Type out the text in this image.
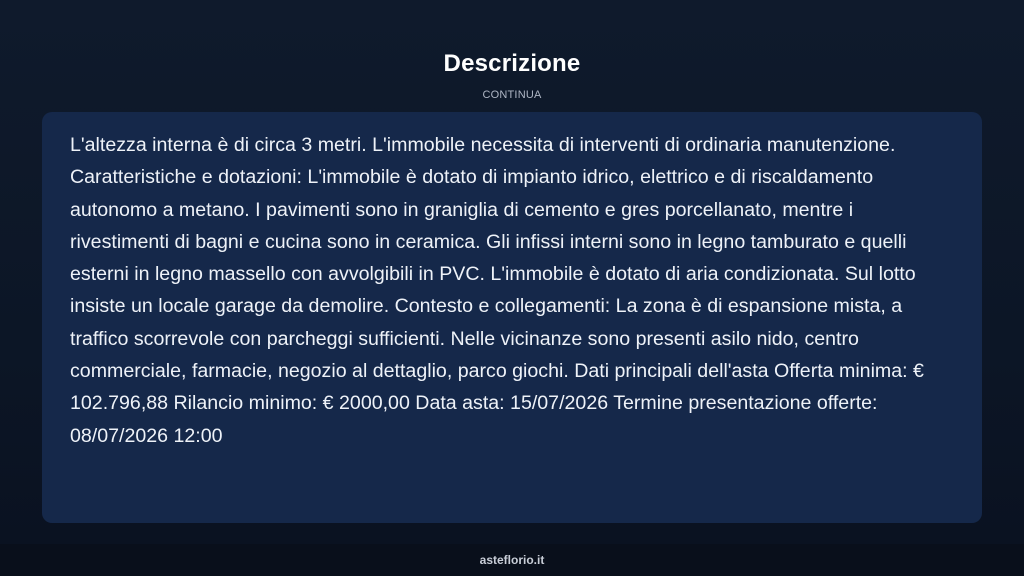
Descrizione
CONTINUA

L'altezza interna è di circa 3 metri. L'immobile necessita di interventi di ordinaria manutenzione. Caratteristiche e dotazioni: L'immobile è dotato di impianto idrico, elettrico e di riscaldamento autonomo a metano. I pavimenti sono in graniglia di cemento e gres porcellanato, mentre i rivestimenti di bagni e cucina sono in ceramica. Gli infissi interni sono in legno tamburato e quelli esterni in legno massello con avvolgibili in PVC. L'immobile è dotato di aria condizionata. Sul lotto insiste un locale garage da demolire. Contesto e collegamenti: La zona è di espansione mista, a traffico scorrevole con parcheggi sufficienti. Nelle vicinanze sono presenti asilo nido, centro commerciale, farmacie, negozio al dettaglio, parco giochi. Dati principali dell'asta Offerta minima: € 102.796,88 Rilancio minimo: € 2000,00 Data asta: 15/07/2026 Termine presentazione offerte: 08/07/2026 12:00

asteflorio.it
